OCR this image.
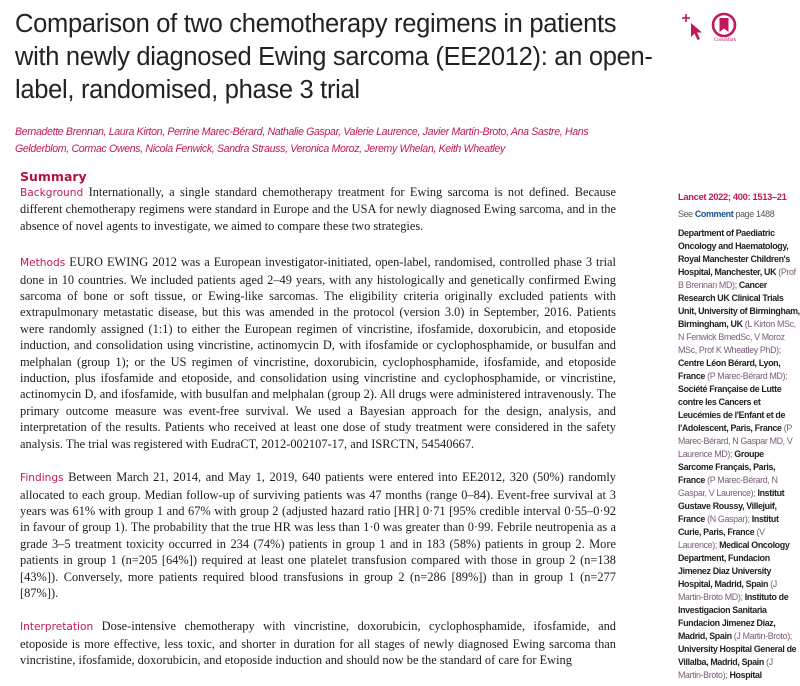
Comparison of two chemotherapy regimens in patients with newly diagnosed Ewing sarcoma (EE2012): an open-label, randomised, phase 3 trial
CrossMark
Bernadette Brennan, Laura Kirton, Perrine Marec-Bérard, Nathalie Gaspar, Valerie Laurence, Javier Martín-Broto, Ana Sastre, Hans Gelderblom, Cormac Owens, Nicola Fenwick, Sandra Strauss, Veronica Moroz, Jeremy Whelan, Keith Wheatley
Summary

Background Internationally, a single standard chemotherapy treatment for Ewing sarcoma is not defined. Because different chemotherapy regimens were standard in Europe and the USA for newly diagnosed Ewing sarcoma, and in the absence of novel agents to investigate, we aimed to compare these two strategies.

Methods EURO EWING 2012 was a European investigator-initiated, open-label, randomised, controlled phase 3 trial done in 10 countries. We included patients aged 2–49 years, with any histologically and genetically confirmed Ewing sarcoma of bone or soft tissue, or Ewing-like sarcomas. The eligibility criteria originally excluded patients with extrapulmonary metastatic disease, but this was amended in the protocol (version 3.0) in September, 2016. Patients were randomly assigned (1:1) to either the European regimen of vincristine, ifosfamide, doxorubicin, and etoposide induction, and consolidation using vincristine, actinomycin D, with ifosfamide or cyclophosphamide, or busulfan and melphalan (group 1); or the US regimen of vincristine, doxorubicin, cyclophosphamide, ifosfamide, and etoposide induction, plus ifosfamide and etoposide, and consolidation using vincristine and cyclophosphamide, or vincristine, actinomycin D, and ifosfamide, with busulfan and melphalan (group 2). All drugs were administered intravenously. The primary outcome measure was event-free survival. We used a Bayesian approach for the design, analysis, and interpretation of the results. Patients who received at least one dose of study treatment were considered in the safety analysis. The trial was registered with EudraCT, 2012-002107-17, and ISRCTN, 54540667.

Findings Between March 21, 2014, and May 1, 2019, 640 patients were entered into EE2012, 320 (50%) randomly allocated to each group. Median follow-up of surviving patients was 47 months (range 0–84). Event-free survival at 3 years was 61% with group 1 and 67% with group 2 (adjusted hazard ratio [HR] 0·71 [95% credible interval 0·55–0·92 in favour of group 1). The probability that the true HR was less than 1·0 was greater than 0·99. Febrile neutropenia as a grade 3–5 treatment toxicity occurred in 234 (74%) patients in group 1 and in 183 (58%) patients in group 2. More patients in group 1 (n=205 [64%]) required at least one platelet transfusion compared with those in group 2 (n=138 [43%]). Conversely, more patients required blood transfusions in group 2 (n=286 [89%]) than in group 1 (n=277 [87%]).

Interpretation Dose-intensive chemotherapy with vincristine, doxorubicin, cyclophosphamide, ifosfamide, and etoposide is more effective, less toxic, and shorter in duration for all stages of newly diagnosed Ewing sarcoma than vincristine, ifosfamide, doxorubicin, and etoposide induction and should now be the standard of care for Ewing

Lancet 2022; 400: 1513–21
See Comment page 1488
Department of Paediatric Oncology and Haematology, Royal Manchester Children's Hospital, Manchester, UK (Prof B Brennan MD); Cancer Research UK Clinical Trials Unit, University of Birmingham, Birmingham, UK (L Kirton MSc, N Fenwick BmedSc, V Moroz MSc, Prof K Wheatley PhD); Centre Léon Bérard, Lyon, France (P Marec-Bérard MD); Société Française de Lutte contre les Cancers et Leucémies de l'Enfant et de l'Adolescent, Paris, France (P Marec-Bérard, N Gaspar MD, V Laurence MD); Groupe Sarcome Français, Paris, France (P Marec-Bérard, N Gaspar, V Laurence); Institut Gustave Roussy, Villejuif, France (N Gaspar); Institut Curie, Paris, France (V Laurence); Medical Oncology Department, Fundacion Jimenez Diaz University Hospital, Madrid, Spain (J Martin-Broto MD); Instituto de Investigacion Sanitaria Fundacion Jimenez Diaz, Madrid, Spain (J Martin-Broto); University Hospital General de Villalba, Madrid, Spain (J Martin-Broto); Hospital
